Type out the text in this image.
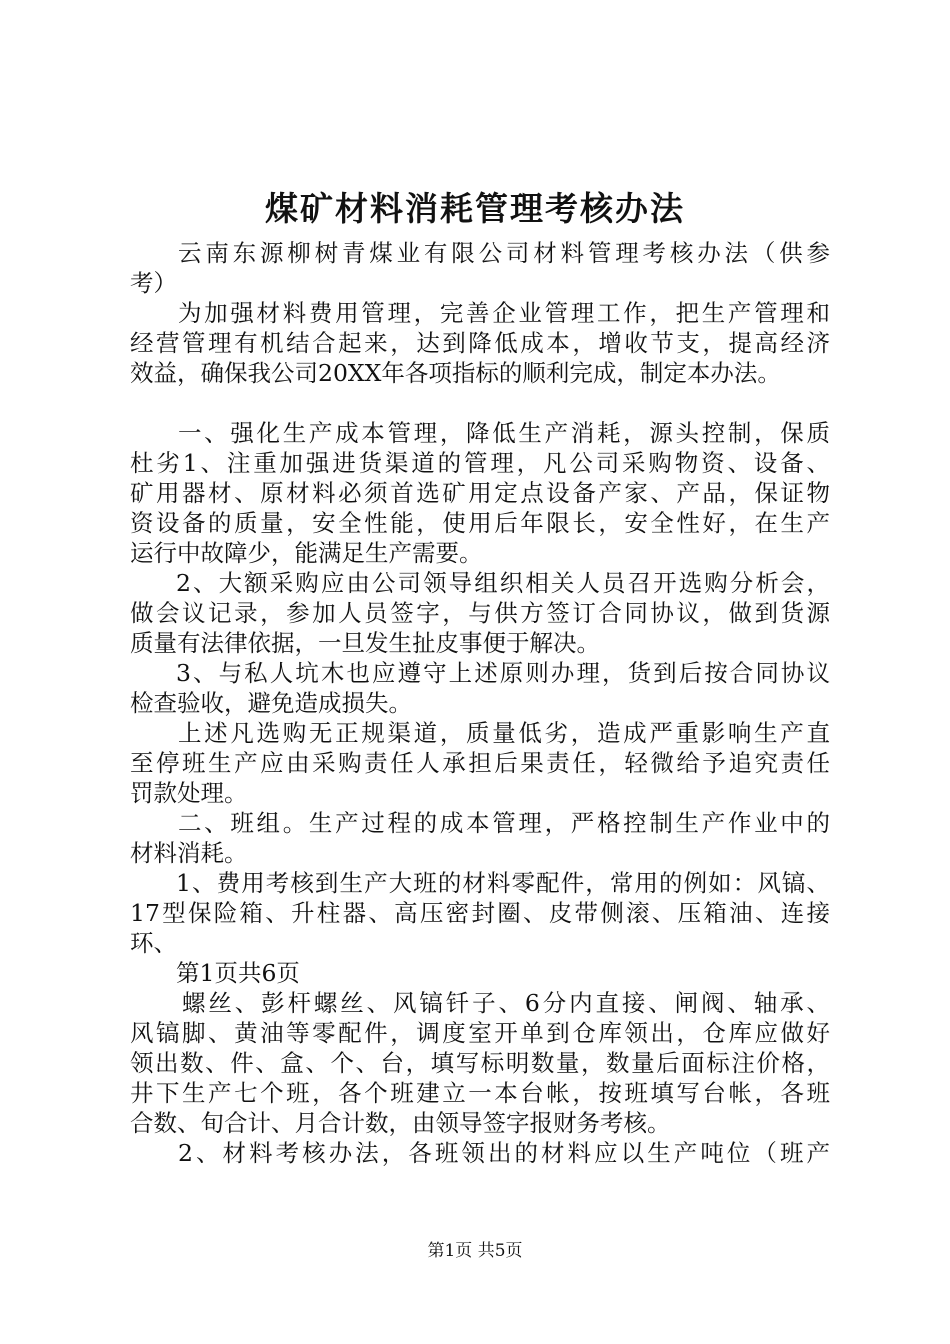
煤矿材料消耗管理考核办法
云南东源柳树青煤业有限公司材料管理考核办法（供参
考）
为加强材料费用管理，完善企业管理工作，把生产管理和
经营管理有机结合起来，达到降低成本，增收节支，提高经济
效益，确保我公司20XX年各项指标的顺利完成，制定本办法。
一、强化生产成本管理，降低生产消耗，源头控制，保质
杜劣1、注重加强进货渠道的管理，凡公司采购物资、设备、
矿用器材、原材料必须首选矿用定点设备产家、产品，保证物
资设备的质量，安全性能，使用后年限长，安全性好，在生产
运行中故障少，能满足生产需要。
2、大额采购应由公司领导组织相关人员召开选购分析会，
做会议记录，参加人员签字，与供方签订合同协议，做到货源
质量有法律依据，一旦发生扯皮事便于解决。
3、与私人坑木也应遵守上述原则办理，货到后按合同协议
检查验收，避免造成损失。
上述凡选购无正规渠道，质量低劣，造成严重影响生产直
至停班生产应由采购责任人承担后果责任，轻微给予追究责任
罚款处理。
二、班组。生产过程的成本管理，严格控制生产作业中的
材料消耗。
1、费用考核到生产大班的材料零配件，常用的例如：风镐、
17型保险箱、升柱器、高压密封圈、皮带侧滚、压箱油、连接
环、
第1页共6页
螺丝、彭杆螺丝、风镐钎子、6分内直接、闸阀、轴承、
风镐脚、黄油等零配件，调度室开单到仓库领出，仓库应做好
领出数、件、盒、个、台，填写标明数量，数量后面标注价格，
井下生产七个班，各个班建立一本台帐，按班填写台帐，各班
合数、旬合计、月合计数，由领导签字报财务考核。
2、材料考核办法，各班领出的材料应以生产吨位（班产
第1页 共5页
